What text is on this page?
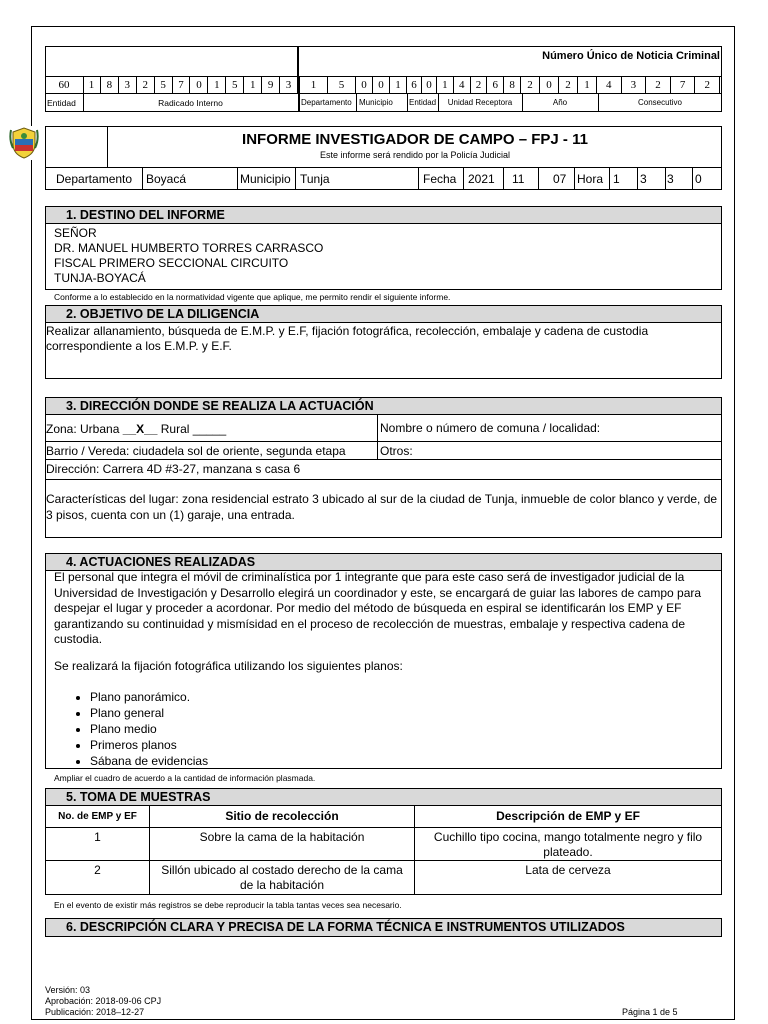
Número Único de Noticia Criminal
60	1	8	3	2	5	7	0	1	5	1	9	3	1	5	0	0	1 6 0 1	4	2	6	8	2	0	2	1	4	3	2	7	2
Entidad	Radicado Interno	Departamento Municipio Entidad	Unidad Receptora	Año	Consecutivo
INFORME INVESTIGADOR DE CAMPO – FPJ - 11
Este informe será rendido por la Policía Judicial
Departamento Boyacá	Municipio Tunja	Fecha 2021 11 07 Hora 1 3 3 0
1. DESTINO DEL INFORME
SEÑOR
DR. MANUEL HUMBERTO TORRES CARRASCO
FISCAL PRIMERO SECCIONAL CIRCUITO
TUNJA-BOYACÁ
Conforme a lo establecido en la normatividad vigente que aplique, me permito rendir el siguiente informe.
2. OBJETIVO DE LA DILIGENCIA
Realizar allanamiento, búsqueda de E.M.P. y E.F, fijación fotográfica, recolección, embalaje y cadena de custodia correspondiente a los E.M.P. y E.F.
3. DIRECCIÓN DONDE SE REALIZA LA ACTUACIÓN
Zona: Urbana __X__ Rural _____	Nombre o número de comuna / localidad:
Barrio / Vereda: ciudadela sol de oriente, segunda etapa	Otros:
Dirección: Carrera 4D #3-27, manzana s casa 6
Características del lugar: zona residencial estrato 3 ubicado al sur de la ciudad de Tunja, inmueble de color blanco y verde, de 3 pisos, cuenta con un (1) garaje, una entrada.
4. ACTUACIONES REALIZADAS
El personal que integra el móvil de criminalística por 1 integrante que para este caso será de investigador judicial de la Universidad de Investigación y Desarrollo elegirá un coordinador y este, se encargará de guiar las labores de campo para despejar el lugar y proceder a acordonar. Por medio del método de búsqueda en espiral se identificarán los EMP y EF garantizando su continuidad y mismísidad en el proceso de recolección de muestras, embalaje y respectiva cadena de custodia.
Se realizará la fijación fotográfica utilizando los siguientes planos:
• Plano panorámico.
• Plano general
• Plano medio
• Primeros planos
• Sábana de evidencias
Ampliar el cuadro de acuerdo a la cantidad de información plasmada.
5. TOMA DE MUESTRAS
No. de EMP y EF	Sitio de recolección	Descripción de EMP y EF
1	Sobre la cama de la habitación	Cuchillo tipo cocina, mango totalmente negro y filo plateado.
2	Sillón ubicado al costado derecho de la cama de la habitación	Lata de cerveza
En el evento de existir más registros se debe reproducir la tabla tantas veces sea necesario.
6. DESCRIPCIÓN CLARA Y PRECISA DE LA FORMA TÉCNICA E INSTRUMENTOS UTILIZADOS
Versión: 03
Aprobación: 2018-09-06 CPJ
Publicación: 2018–12-27	Página 1 de 5
